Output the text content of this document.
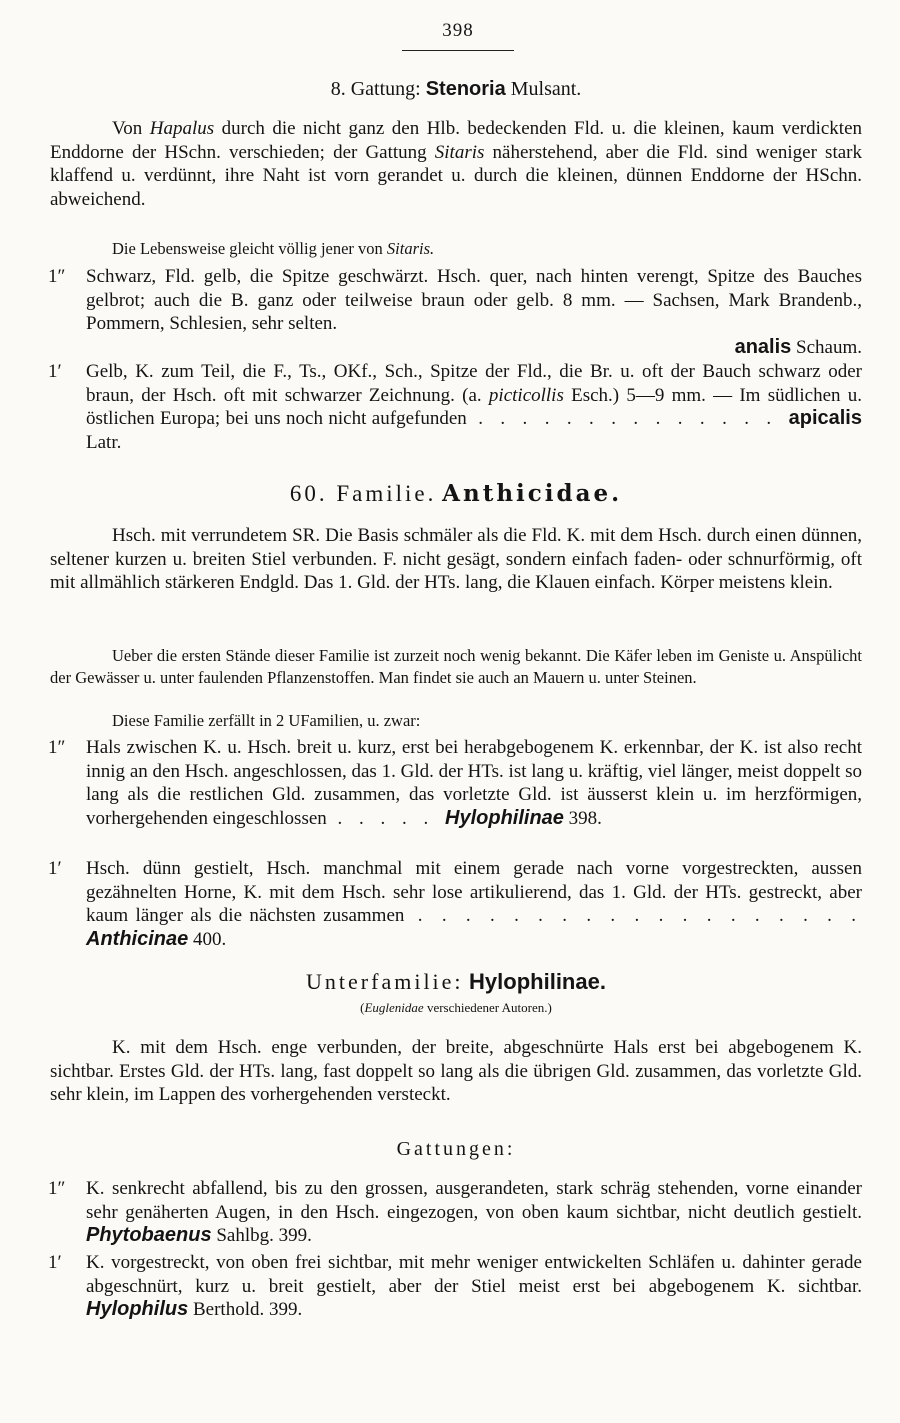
398
8. Gattung: Stenoria Mulsant.
Von Hapalus durch die nicht ganz den Hlb. bedeckenden Fld. u. die kleinen, kaum verdickten Enddorne der HSchn. verschieden; der Gattung Sitaris näherstehend, aber die Fld. sind weniger stark klaffend u. verdünnt, ihre Naht ist vorn gerandet u. durch die kleinen, dünnen Enddorne der HSchn. abweichend.
Die Lebensweise gleicht völlig jener von Sitaris.
1″	Schwarz, Fld. gelb, die Spitze geschwärzt. Hsch. quer, nach hinten verengt, Spitze des Bauches gelbrot; auch die B. ganz oder teilweise braun oder gelb. 8 mm. — Sachsen, Mark Brandenb., Pommern, Schlesien, sehr selten.
analis Schaum.
1′	Gelb, K. zum Teil, die F., Ts., OKf., Sch., Spitze der Fld., die Br. u. oft der Bauch schwarz oder braun, der Hsch. oft mit schwarzer Zeichnung. (a. picticollis Esch.) 5—9 mm. — Im südlichen u. östlichen Europa; bei uns noch nicht aufgefunden . . . . . . . . . . . . . . apicalis Latr.
60. Familie. Anthicidae.
Hsch. mit verrundetem SR. Die Basis schmäler als die Fld. K. mit dem Hsch. durch einen dünnen, seltener kurzen u. breiten Stiel verbunden. F. nicht gesägt, sondern einfach faden- oder schnurförmig, oft mit allmählich stärkeren Endgld. Das 1. Gld. der HTs. lang, die Klauen einfach. Körper meistens klein.
Ueber die ersten Stände dieser Familie ist zurzeit noch wenig bekannt. Die Käfer leben im Geniste u. Anspülicht der Gewässer u. unter faulenden Pflanzenstoffen. Man findet sie auch an Mauern u. unter Steinen.
Diese Familie zerfällt in 2 UFamilien, u. zwar:
1″	Hals zwischen K. u. Hsch. breit u. kurz, erst bei herabgebogenem K. erkennbar, der K. ist also recht innig an den Hsch. angeschlossen, das 1. Gld. der HTs. ist lang u. kräftig, viel länger, meist doppelt so lang als die restlichen Gld. zusammen, das vorletzte Gld. ist äusserst klein u. im herzförmigen, vorhergehenden eingeschlossen . . . . . Hylophilinae 398.
1′	Hsch. dünn gestielt, Hsch. manchmal mit einem gerade nach vorne vorgestreckten, aussen gezähnelten Horne, K. mit dem Hsch. sehr lose artikulierend, das 1. Gld. der HTs. gestreckt, aber kaum länger als die nächsten zusammen . . . . . . . . . . . . . . . . . . . Anthicinae 400.
Unterfamilie: Hylophilinae.
(Euglenidae verschiedener Autoren.)
K. mit dem Hsch. enge verbunden, der breite, abgeschnürte Hals erst bei abgebogenem K. sichtbar. Erstes Gld. der HTs. lang, fast doppelt so lang als die übrigen Gld. zusammen, das vorletzte Gld. sehr klein, im Lappen des vorhergehenden versteckt.
Gattungen:
1″	K. senkrecht abfallend, bis zu den grossen, ausgerandeten, stark schräg stehenden, vorne einander sehr genäherten Augen, in den Hsch. eingezogen, von oben kaum sichtbar, nicht deutlich gestielt. Phytobaenus Sahlbg. 399.
1′	K. vorgestreckt, von oben frei sichtbar, mit mehr weniger entwickelten Schläfen u. dahinter gerade abgeschnürt, kurz u. breit gestielt, aber der Stiel meist erst bei abgebogenem K. sichtbar. Hylophilus Berthold. 399.
